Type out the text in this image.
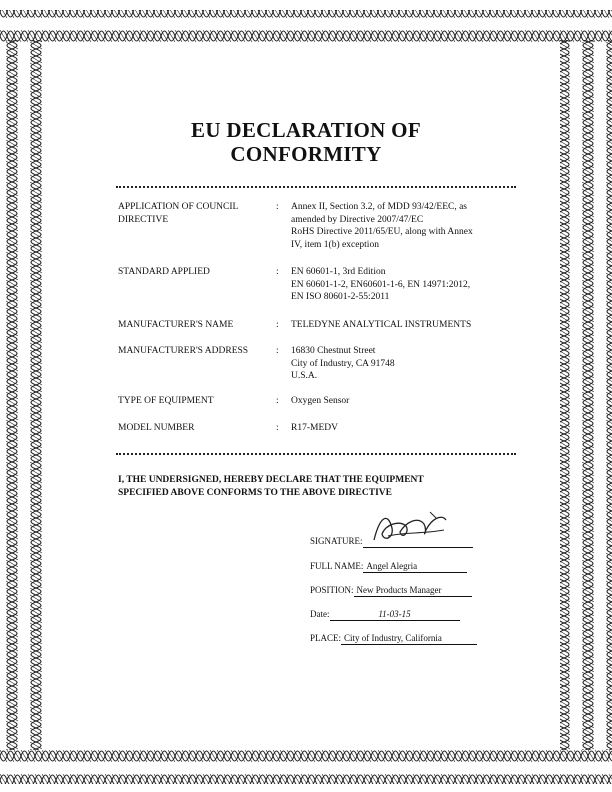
EU DECLARATION OF
CONFORMITY
APPLICATION OF COUNCIL DIRECTIVE
:	Annex II, Section 3.2, of MDD 93/42/EEC, as
amended by Directive 2007/47/EC
RoHS Directive 2011/65/EU, along with Annex
IV, item 1(b) exception
STANDARD APPLIED	:	EN 60601-1, 3rd Edition
EN 60601-1-2, EN60601-1-6, EN 14971:2012,
EN ISO 80601-2-55:2011
MANUFACTURER'S NAME	:	TELEDYNE ANALYTICAL INSTRUMENTS
MANUFACTURER'S ADDRESS	:	16830 Chestnut Street
City of Industry, CA 91748
U.S.A.
TYPE OF EQUIPMENT	:	Oxygen Sensor
MODEL NUMBER	:	R17-MEDV
I, THE UNDERSIGNED, HEREBY DECLARE THAT THE EQUIPMENT
SPECIFIED ABOVE CONFORMS TO THE ABOVE DIRECTIVE
SIGNATURE:
FULL NAME: Angel Alegria
POSITION: New Products Manager
Date:	11-03-15
PLACE: City of Industry, California
